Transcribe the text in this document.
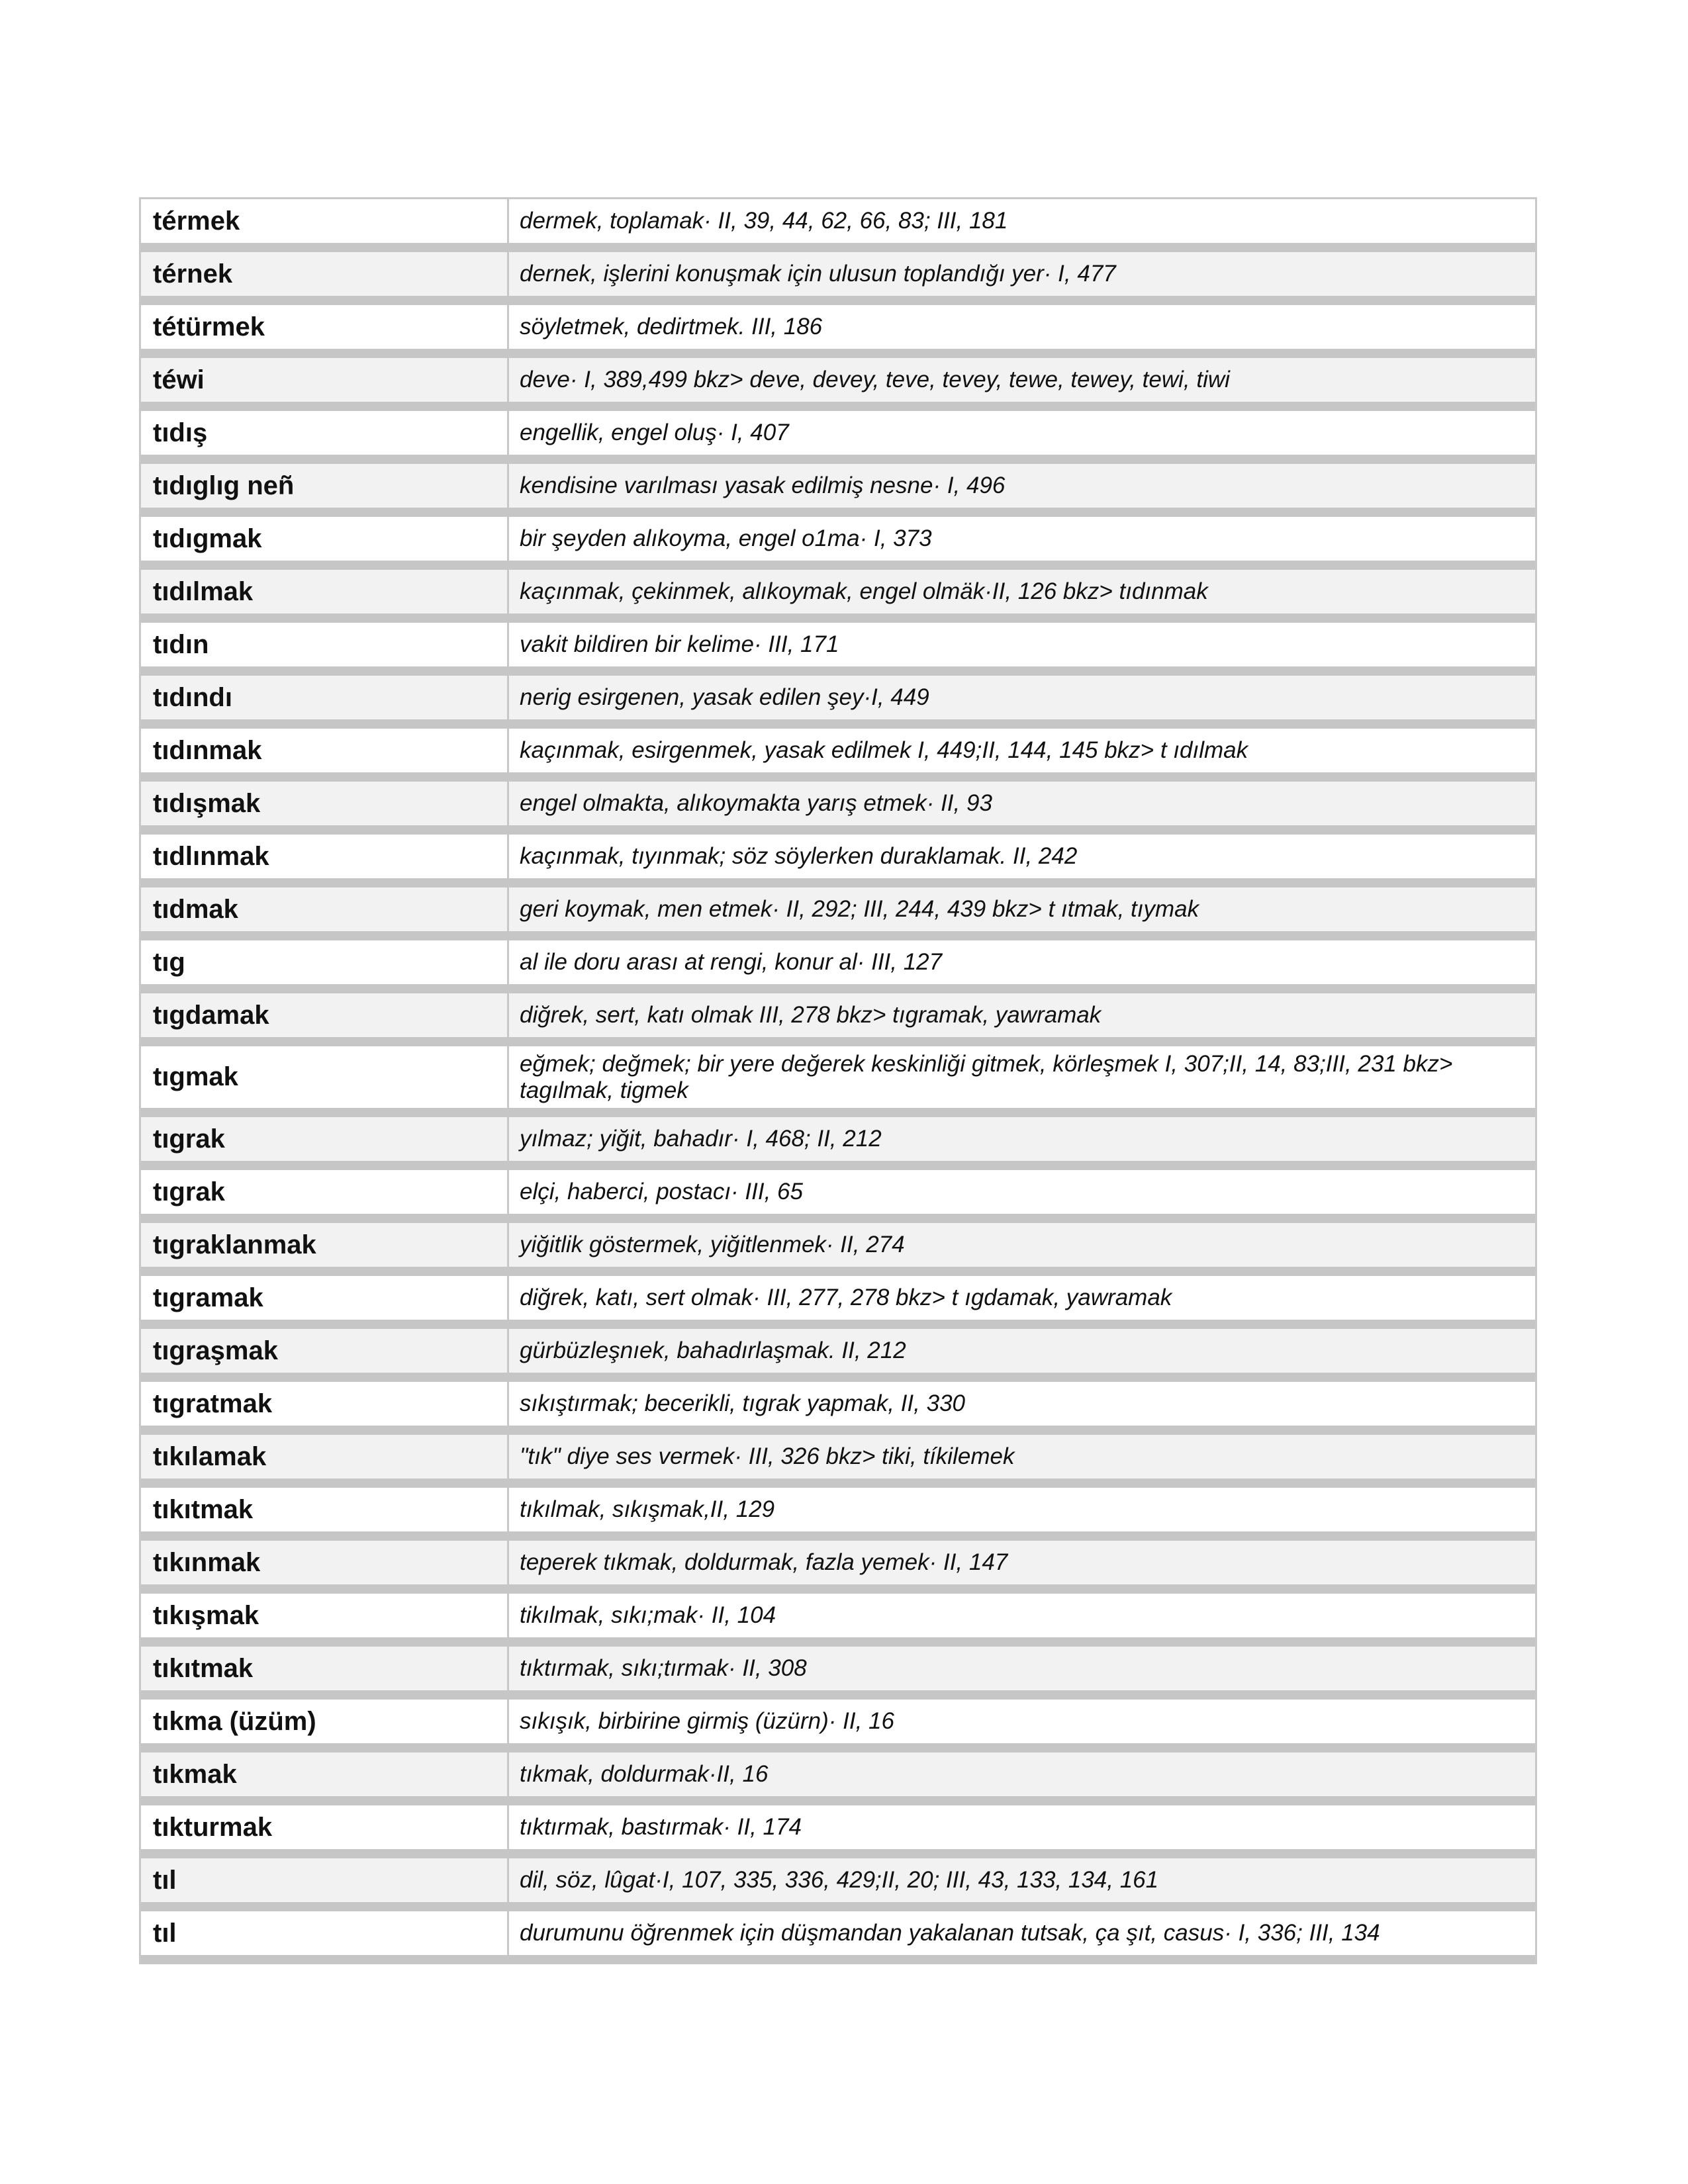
térmek	dermek, toplamak· II, 39, 44, 62, 66, 83; III, 181
térnek	dernek, işlerini konuşmak için ulusun toplandığı yer· I, 477
tétürmek	söyletmek, dedirtmek. III, 186
téwi	deve· I, 389,499 bkz> deve, devey, teve, tevey, tewe, tewey, tewi, tiwi
tıdış	engellik, engel oluş· I, 407
tıdıglıg neñ	kendisine varılması yasak edilmiş nesne· I, 496
tıdıgmak	bir şeyden alıkoyma, engel o1ma· I, 373
tıdılmak	kaçınmak, çekinmek, alıkoymak, engel olmäk·II, 126 bkz> tıdınmak
tıdın	vakit bildiren bir kelime· III, 171
tıdındı	nerig esirgenen, yasak edilen şey·I, 449
tıdınmak	kaçınmak, esirgenmek, yasak edilmek I, 449;II, 144, 145 bkz> t ıdılmak
tıdışmak	engel olmakta, alıkoymakta yarış etmek· II, 93
tıdlınmak	kaçınmak, tıyınmak; söz söylerken duraklamak. II, 242
tıdmak	geri koymak, men etmek· II, 292; III, 244, 439 bkz> t ıtmak, tıymak
tıg	al ile doru arası at rengi, konur al· III, 127
tıgdamak	diğrek, sert, katı olmak III, 278 bkz> tıgramak, yawramak
tıgmak	eğmek; değmek; bir yere değerek keskinliği gitmek, körleşmek I, 307;II, 14, 83;III, 231 bkz> tagılmak, tigmek
tıgrak	yılmaz; yiğit, bahadır· I, 468; II, 212
tıgrak	elçi, haberci, postacı· III, 65
tıgraklanmak	yiğitlik göstermek, yiğitlenmek· II, 274
tıgramak	diğrek, katı, sert olmak· III, 277, 278 bkz> t ıgdamak, yawramak
tıgraşmak	gürbüzleşnıek, bahadırlaşmak. II, 212
tıgratmak	sıkıştırmak; becerikli, tıgrak yapmak, II, 330
tıkılamak	"tık" diye ses vermek· III, 326 bkz> tiki, tíkilemek
tıkıtmak	tıkılmak, sıkışmak,II, 129
tıkınmak	teperek tıkmak, doldurmak, fazla yemek· II, 147
tıkışmak	tikılmak, sıkı;mak· II, 104
tıkıtmak	tıktırmak, sıkı;tırmak· II, 308
tıkma (üzüm)	sıkışık, birbirine girmiş (üzürn)· II, 16
tıkmak	tıkmak, doldurmak·II, 16
tıkturmak	tıktırmak, bastırmak· II, 174
tıl	dil, söz, lûgat·I, 107, 335, 336, 429;II, 20; III, 43, 133, 134, 161
tıl	durumunu öğrenmek için düşmandan yakalanan tutsak, ça şıt, casus· I, 336; III, 134
